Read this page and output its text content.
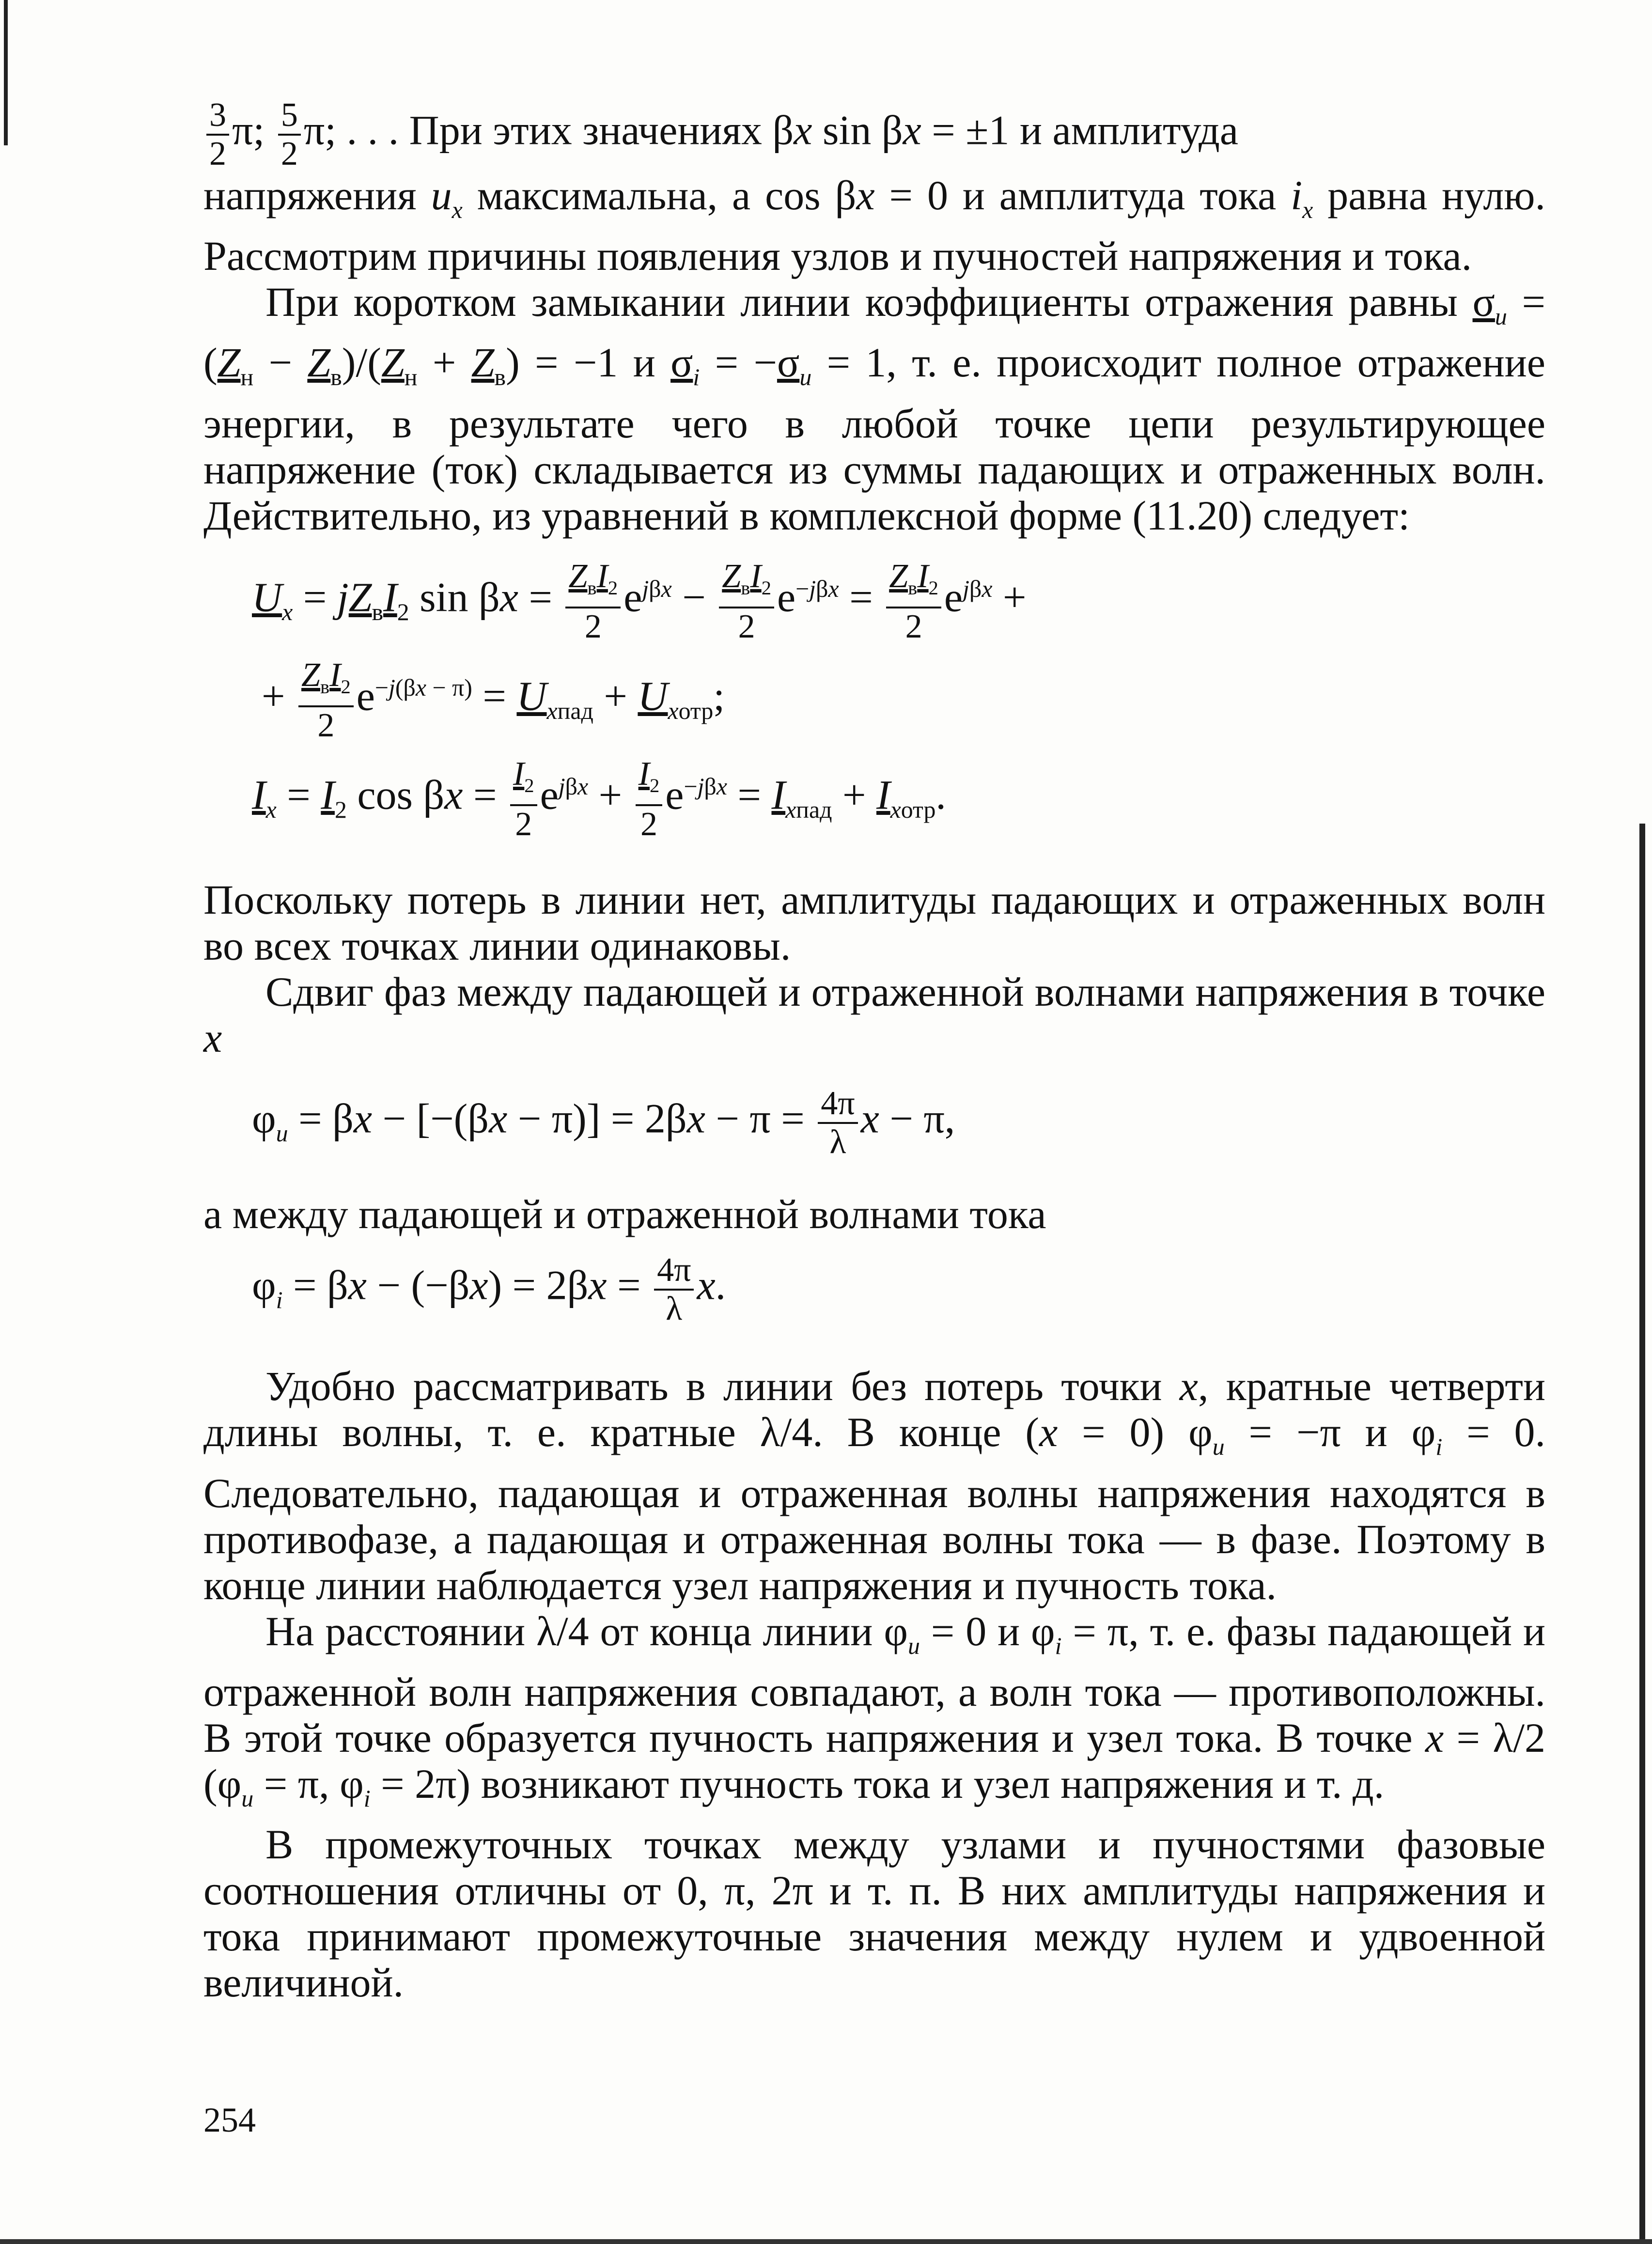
$\frac{3}{2} \pi$; $\frac{5}{2} \pi$; . . . При этих значениях βx sin βx = ±1 и амплитуда

напряжения $u_x$ максимальна, а cos βx = 0 и амплитуда тока $i_x$ равна нулю. Рассмотрим причины появления узлов и пучностей напряжения и тока.

При коротком замыкании линии коэффициенты отражения равны $\sigma_u = (Z_н - Z_в)/(Z_н + Z_в) = -1$ и $\sigma_i = -\sigma_u = 1$, т. е. происходит полное отражение энергии, в результате чего в любой точке цепи результирующее напряжение (ток) складывается из суммы падающих и отраженных волн. Действительно, из уравнений в комплексной форме (11.20) следует:

$U_x = jZ_вI_2$ $\sin \beta x = \frac{Z_вI_2}{2} e^{j\beta x} - \frac{Z_вI_2}{2} e^{-j\beta x} = \frac{Z_вI_2}{2} e^{j\beta x}$ +
+ $\frac{Z_вI_2}{2} e^{-j(\beta x - \pi)} = U_{xпад} + U_{xотр}$;
$I_x = I_2$ $\cos \beta x = \frac{I_2}{2} e^{j\beta x} + \frac{I_2}{2} e^{-j\beta x} = I_{xпад} + I_{xотр}$.

Поскольку потерь в линии нет, амплитуды падающих и отраженных волн во всех точках линии одинаковы.

Сдвиг фаз между падающей и отраженной волнами напряжения в точке x

$\varphi_u = \beta x - [-(\beta x - \pi)] = 2\beta x - \pi = \frac{4\pi}{\lambda}$ x − π,

а между падающей и отраженной волнами тока

$\varphi_i = \beta x - (-\beta x) = 2\beta x = \frac{4\pi}{\lambda} x$.

Удобно рассматривать в линии без потерь точки x, кратные четверти длины волны, т. е. кратные λ/4. В конце (x = 0) $\varphi_u = -\pi$ и $\varphi_i = 0$. Следовательно, падающая и отраженная волны напряжения находятся в противофазе, а падающая и отраженная волны тока — в фазе. Поэтому в конце линии наблюдается узел напряжения и пучность тока.

На расстоянии λ/4 от конца линии $\varphi_u = 0$ и $\varphi_i = \pi$, т. е. фазы падающей и отраженной волн напряжения совпадают, а волн тока — противоположны. В этой точке образуется пучность напряжения и узел тока. В точке x = λ/2 ($\varphi_u = \pi$, $\varphi_i = 2\pi$) возникают пучность тока и узел напряжения и т. д.

В промежуточных точках между узлами и пучностями фазовые соотношения отличны от 0, π, 2π и т. п. В них амплитуды напряжения и тока принимают промежуточные значения между нулем и удвоенной величиной.

254
